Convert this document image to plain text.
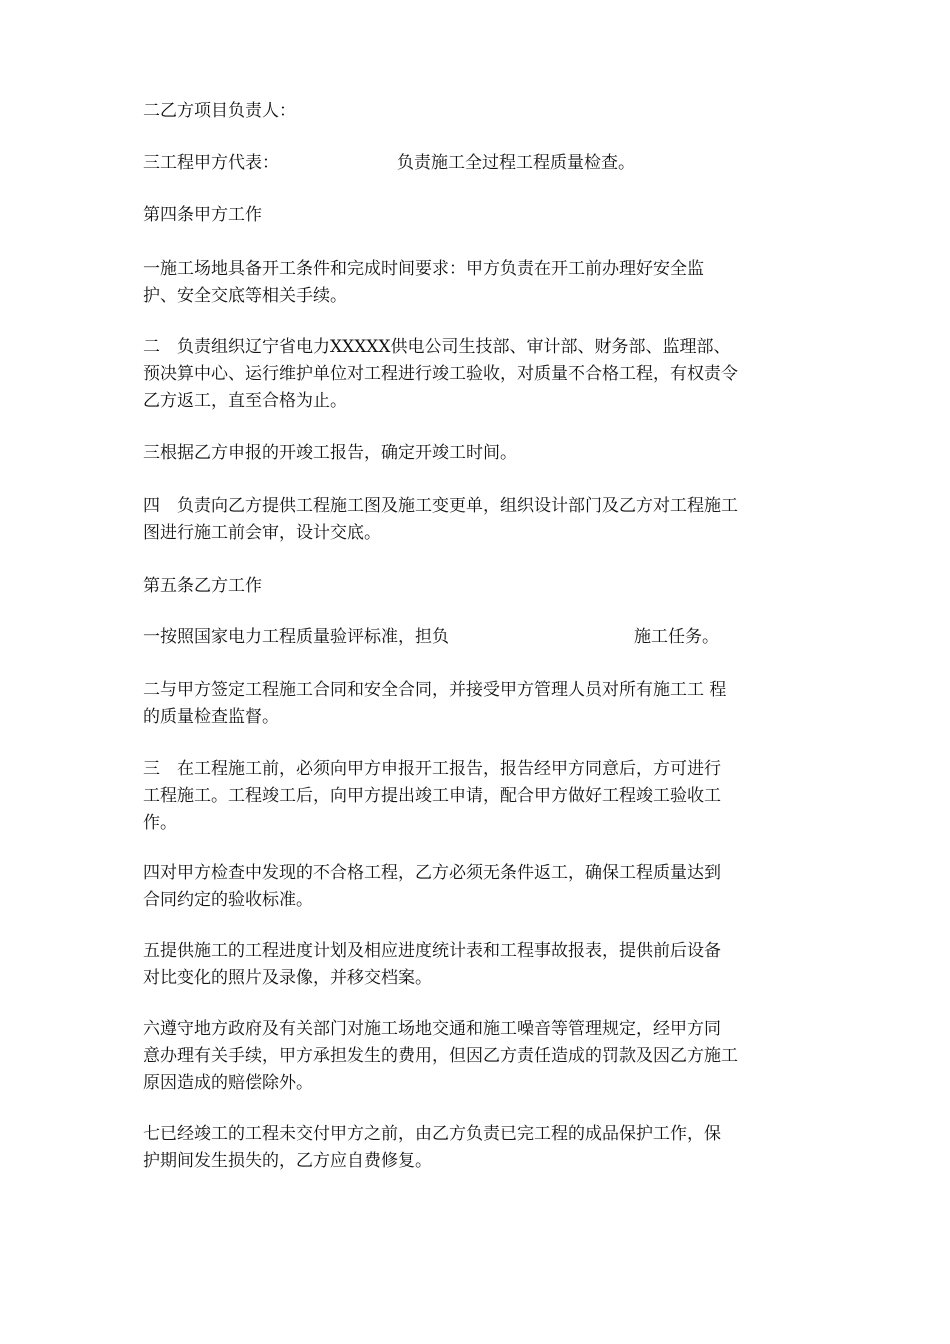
二乙方项目负责人：

三工程甲方代表：	负责施工全过程工程质量检查。

第四条甲方工作

一施工场地具备开工条件和完成时间要求：甲方负责在开工前办理好安全监
护、安全交底等相关手续。

二　负责组织辽宁省电力XXXXX供电公司生技部、审计部、财务部、监理部、
预决算中心、运行维护单位对工程进行竣工验收，对质量不合格工程，有权责令
乙方返工，直至合格为止。

三根据乙方申报的开竣工报告，确定开竣工时间。

四　负责向乙方提供工程施工图及施工变更单，组织设计部门及乙方对工程施工
图进行施工前会审，设计交底。

第五条乙方工作

一按照国家电力工程质量验评标准，担负	施工任务。

二与甲方签定工程施工合同和安全合同，并接受甲方管理人员对所有施工工 程
的质量检查监督。

三　在工程施工前，必须向甲方申报开工报告，报告经甲方同意后，方可进行
工程施工。工程竣工后，向甲方提出竣工申请，配合甲方做好工程竣工验收工
作。

四对甲方检查中发现的不合格工程，乙方必须无条件返工，确保工程质量达到
合同约定的验收标准。

五提供施工的工程进度计划及相应进度统计表和工程事故报表，提供前后设备
对比变化的照片及录像，并移交档案。

六遵守地方政府及有关部门对施工场地交通和施工噪音等管理规定，经甲方同
意办理有关手续，甲方承担发生的费用，但因乙方责任造成的罚款及因乙方施工
原因造成的赔偿除外。

七已经竣工的工程未交付甲方之前，由乙方负责已完工程的成品保护工作，保
护期间发生损失的，乙方应自费修复。
